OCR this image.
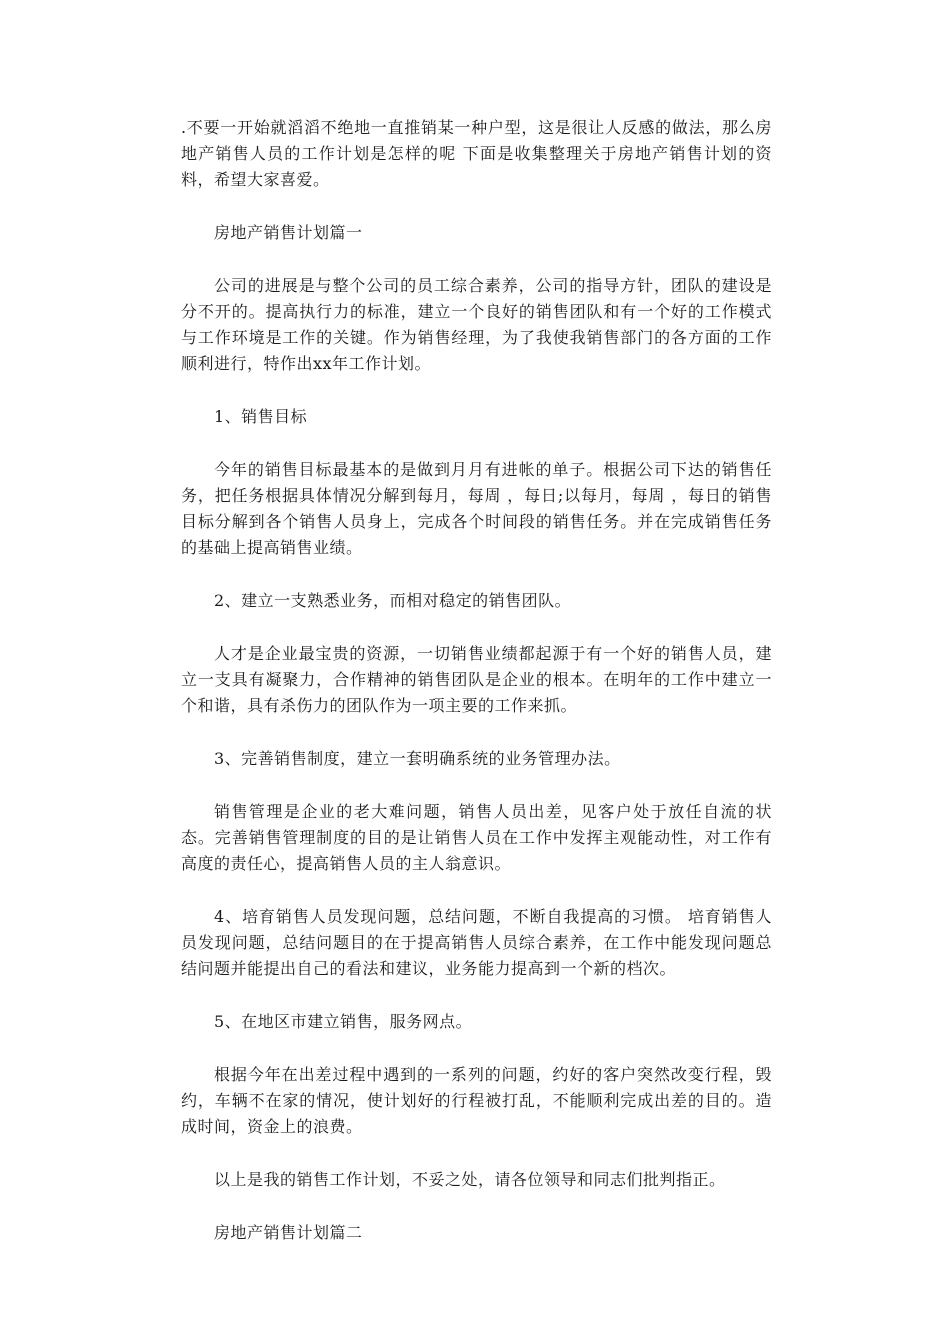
.不要一开始就滔滔不绝地一直推销某一种户型，这是很让人反感的做法，那么房地产销售人员的工作计划是怎样的呢 下面是收集整理关于房地产销售计划的资料，希望大家喜爱。

房地产销售计划篇一

公司的进展是与整个公司的员工综合素养，公司的指导方针，团队的建设是分不开的。提高执行力的标准，建立一个良好的销售团队和有一个好的工作模式与工作环境是工作的关键。作为销售经理，为了我使我销售部门的各方面的工作顺利进行，特作出xx年工作计划。

1、销售目标

今年的销售目标最基本的是做到月月有进帐的单子。根据公司下达的销售任务，把任务根据具体情况分解到每月，每周 ，每日;以每月，每周 ，每日的销售目标分解到各个销售人员身上，完成各个时间段的销售任务。并在完成销售任务的基础上提高销售业绩。

2、建立一支熟悉业务，而相对稳定的销售团队。

人才是企业最宝贵的资源，一切销售业绩都起源于有一个好的销售人员，建立一支具有凝聚力，合作精神的销售团队是企业的根本。在明年的工作中建立一个和谐，具有杀伤力的团队作为一项主要的工作来抓。

3、完善销售制度，建立一套明确系统的业务管理办法。

销售管理是企业的老大难问题，销售人员出差，见客户处于放任自流的状态。完善销售管理制度的目的是让销售人员在工作中发挥主观能动性，对工作有高度的责任心，提高销售人员的主人翁意识。

4、培育销售人员发现问题，总结问题，不断自我提高的习惯。 培育销售人员发现问题，总结问题目的在于提高销售人员综合素养，在工作中能发现问题总结问题并能提出自己的看法和建议，业务能力提高到一个新的档次。

5、在地区市建立销售，服务网点。

根据今年在出差过程中遇到的一系列的问题，约好的客户突然改变行程，毁约，车辆不在家的情况，使计划好的行程被打乱，不能顺利完成出差的目的。造成时间，资金上的浪费。

以上是我的销售工作计划，不妥之处，请各位领导和同志们批判指正。

房地产销售计划篇二
